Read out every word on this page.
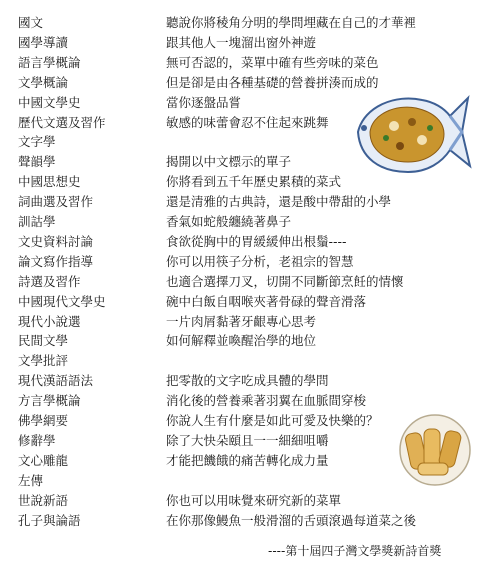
國文	聽說你將稜角分明的學問埋藏在自己的才華裡
國學導讀	跟其他人一塊溜出窗外神遊
語言學概論	無可否認的，菜單中確有些旁味的菜色
文學概論	但是卻是由各種基礎的營養拼湊而成的
中國文學史	當你逐盤品嘗
歷代文選及習作	敏感的味蕾會忍不住起來跳舞
文字學
聲韻學	揭開以中文標示的單子
中國思想史	你將看到五千年歷史累積的菜式
詞曲選及習作	還是清雅的古典詩，還是酸中帶甜的小學
訓詁學	香氣如蛇般纏繞著鼻子
文史資料討論	食欲從胸中的胃緩緩伸出根鬚----
論文寫作指導	你可以用筷子分析，老祖宗的智慧
詩選及習作	也適合選擇刀叉，切開不同斷節烹飪的情懷
中國現代文學史	碗中白飯自咽喉夾著骨碌的聲音滑落
現代小說選	一片肉屑黏著牙齦專心思考
民間文學	如何解釋並喚醒治學的地位
文學批評
現代漢語語法	把零散的文字吃成具體的學問
方言學概論	消化後的營養乘著羽翼在血脈間穿梭
佛學網要	你說人生有什麼是如此可愛及快樂的？
修辭學	除了大快朵頤且一一細細咀嚼
文心雕龍	才能把饑餓的痛苦轉化成力量
左傳
世說新語	你也可以用味覺來研究新的菜單
孔子與論語	在你那像鰻魚一般滑溜的舌頭滾過每道菜之後
----第十屆四子灣文學獎新詩首獎
